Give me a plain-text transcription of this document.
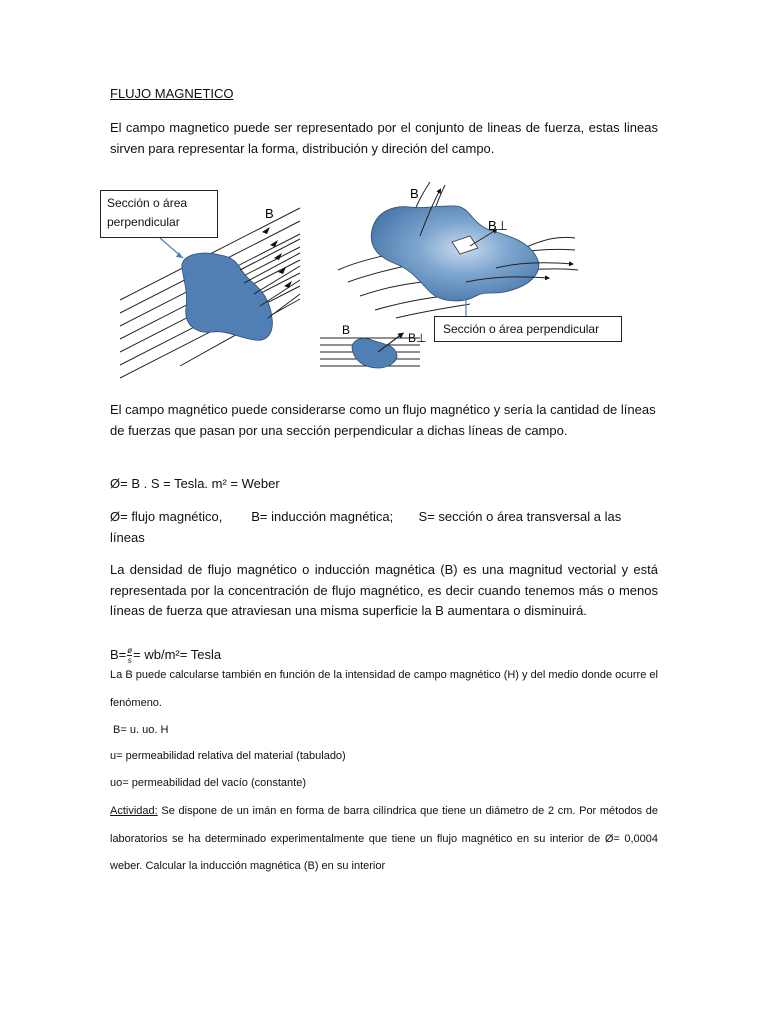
FLUJO MAGNETICO
El campo magnetico puede ser representado por el conjunto de lineas de fuerza, estas lineas sirven para representar la forma, distribución y direción del campo.
B
B
B⊥
B
B⊥
Sección o área perpendicular
Sección o área perpendicular
El campo magnético puede considerarse como un flujo magnético y sería la cantidad de líneas de fuerzas que pasan por una sección perpendicular a dichas líneas de campo.
Ø= B . S = Tesla. m² = Weber
Ø= flujo magnético,        B= inducción magnética;       S= sección o área transversal a las líneas
La densidad de flujo magnético o inducción magnética (B) es una magnitud vectorial y está representada por la concentración de flujo magnético, es decir cuando tenemos más o menos líneas de fuerza que atraviesan una misma superficie la B aumentara o disminuirá.
$B= \frac{ø}{s} = wb/m^2=$ Tesla
La B puede calcularse también en función de la intensidad de campo magnético (H) y del medio donde ocurre el fenómeno.
B= u. uo. H
u= permeabilidad relativa del material (tabulado)
uo= permeabilidad del vacío (constante)
Actividad: Se dispone de un imán en forma de barra cilíndrica que tiene un diámetro de 2 cm. Por métodos de laboratorios se ha determinado experimentalmente que tiene un flujo magnético en su interior de Ø= 0,0004 weber. Calcular la inducción magnética (B) en su interior
